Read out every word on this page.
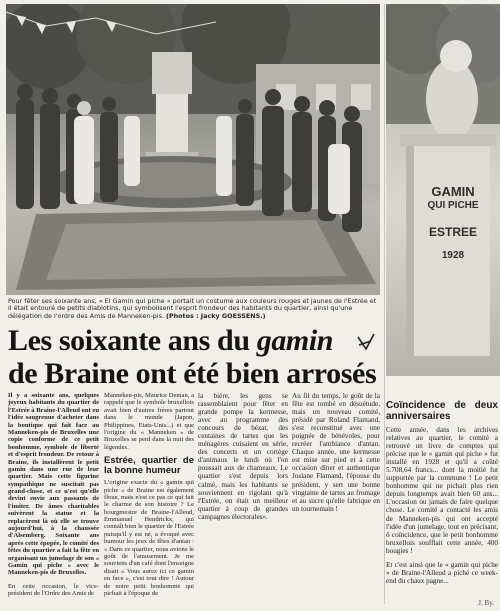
GAMIN
QUI PICHE
ESTREE
1928
Pour fêter ses soixante ans, « El Gamin qui piche » portait un costume aux couleurs rouges et jaunes de l'Estrée et il était entouré de petits diablotins, qui symbolisent l'esprit frondeur des habitants du quartier, ainsi qu'une délégation de l'ordre des Amis de Manneken-pis. (Photos : Jacky GOESSENS.)
Les soixante ans du gamin
de Braine ont été bien arrosés

Il y a soixante ans, quelques joyeux habitants du quartier de l'Estrée à Braine-l'Alleud ont eu l'idée saugrenue d'acheter dans la boutique qui fait face au Manneken-pis de Bruxelles une copie conforme de ce petit bonhomme, symbole de liberté et d'esprit frondeur. De retour à Braine, ils installèrent le petit gamin dans une rue de leur quartier. Mais cette figurine sympathique ne suscitait pas grand-chose, et ce n'est qu'elle devint envie aux passants de l'imiter. De âmes charitables suivèrent la statue et la replacèrent là où elle se trouve aujourd'hui, à la chaussée d'Alsemberg. Soixante ans après cette épopée, le comité des fêtes du quartier a fait la fête en organisant un jumelage de son « Gamin qui piche » avec le Manneken-pis de Bruxelles.

En cette occasion, le vice-président de l'Ordre des Amis de

Manneken-pis, Maurice Deman, a rappelé que le symbole bruxellois avait bien d'autres frères partout dans le monde (Japon, Philippines, Etats-Unis...) et que l'origine du « Manneken » de Bruxelles se perd dans la nuit des légendes.

Estrée, quartier de la bonne humeur

L'origine exacte du « gamin qui piche » de Braine est également floue, mais n'est ce pas ce qui fait le charme de son histoire ? Le bourgmestre de Braine-l'Alleud, Emmanuel Hendrickx, qui connaît bien le quartier de l'Estrée puisqu'il y est né, a évoqué avec humour les jeux de fêtes d'antan : « Dans ce quartier, nous avions le goût de l'amusement. Je me souviens d'un café dont l'enseigne disait « Vous aurez ici ce gamin en face », c'est tout dire ! Autour de notre petit bonhomme qui pichait à l'époque de

la bière, les gens se rassemblaient pour fêter en grande pompe la kermesse, avec au programme des concours de bézat, des centaines de tartes que les ménagères cuisaient en série, des concerts et un cortège d'animaux le lundi où l'on poussait aux de chameaux. Le quartier s'est depuis lors calmé, mais les habitants se souviennent en rigolant qu'à l'Estrée, on était un meilleur quartier à coup de grandes campagnes électorales».

Au fil du temps, le goût de la fête est tombé en désuétude, mais un nouveau comité, présidé par Roland Flamand, s'est reconstitué avec une poignée de bénévoles, pour recréer l'ambiance d'antan. Chaque année, une kermesse est mise sur pied et à cette occasion dîner et authentique Josiane Flamand, l'épouse du président, y sert une bonne vingtaine de tartes au fromage et au sucre qu'elle fabrique en un tournemain !

Coïncidence de deux anniversaires

Cette année, dans les archives relatives au quartier, le comité a retrouvé un livre de comptes qui précise que le « gamin qui piche » fut installé en 1928 et qu'il a coûté 5.708,64 francs... dont la moitié fut supportée par la commune ! Le petit bonhomme qui ne pichait plus rien depuis longtemps avait bien 60 ans... L'occasion ou jamais de faire quelque chose. Le comité a contacté les amis de Manneken-pis qui ont accepté l'idée d'un jumelage, tout en précisant, ô coïncidence, que le petit bonhomme bruxellois soufflait cette année, 400 bougies !

Et c'est ainsi que le « gamin qui piche » de Braine-l'Alleud a piché ce week-end du chaux pagne...

J. By.
